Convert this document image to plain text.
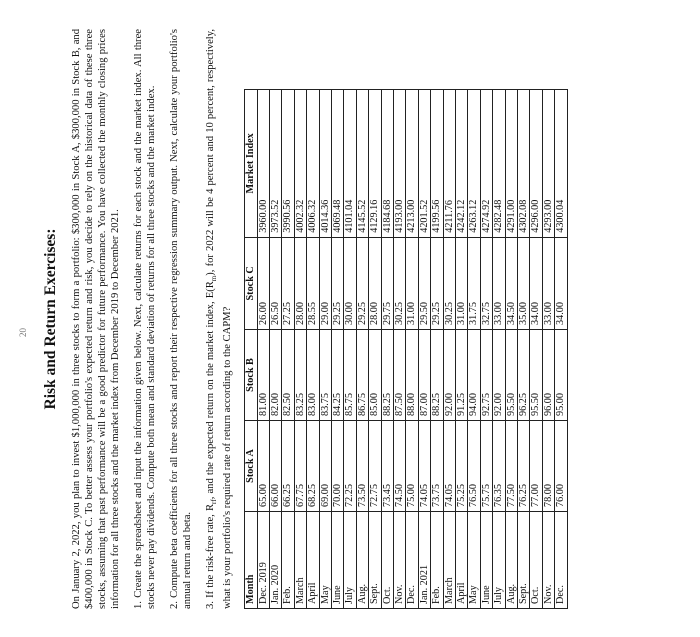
20 Risk and Return Exercises: On January 2, 2022, you plan to invest $1,000,000 in three stocks to form a portfolio: $300,000 in Stock A, $300,000 in Stock B, and $400,000 in Stock C. To better assess your portfolio's expected return and risk, you decide to rely on the historical data of these three stocks, assuming that past performance will be a good predictor for future performance. You have collected the monthly closing prices information for all three stocks and the market index from December 2019 to December 2021. 1. Create the spreadsheet and input the information given below. Next, calculate returns for each stock and the market index. All three stocks never pay dividends. Compute both mean and standard deviation of returns for all three stocks and the market index. 2. Compute beta coefficients for all three stocks and report their respective regression summary output. Next, calculate your portfolio's annual return and beta. 3. If the risk-free rate, $R_{rf}$, and the expected return on the market index, $E(R_m)$, for 2022 will be 4 percent and 10 percent, respectively, what is your portfolio's required rate of return according to the CAPM? Month	Stock A	Stock B	Stock C	Market Index
Dec. 2019	65.00	81.00	26.00	3960.00
Jan. 2020	66.00	82.00	26.50	3973.52
Feb.	66.25	82.50	27.25	3990.56
March	67.75	83.25	28.00	4002.32
April	68.25	83.00	28.55	4006.32
May	69.00	83.75	29.00	4014.36
June	70.00	84.25	29.25	4069.48
July	72.25	85.75	30.00	4101.04
Aug.	73.50	86.75	29.25	4145.52
Sept.	72.75	85.00	28.00	4129.16
Oct.	73.45	88.25	29.75	4184.68
Nov.	74.50	87.50	30.25	4193.00
Dec.	75.00	88.00	31.00	4213.00
Jan. 2021	74.05	87.00	29.50	4201.52
Feb.	73.75	88.25	29.25	4199.56
March	74.05	92.00	30.25	4211.76
April	75.25	91.25	31.00	4242.12
May	76.50	94.00	31.75	4263.12
June	75.75	92.75	32.75	4274.92
July	76.35	92.00	33.00	4282.48
Aug.	77.50	95.50	34.50	4291.00
Sept.	76.25	96.25	35.00	4302.08
Oct.	77.00	95.50	34.00	4296.00
Nov.	78.00	96.00	33.00	4293.00
Dec.	76.00	95.00	34.00	4300.04
